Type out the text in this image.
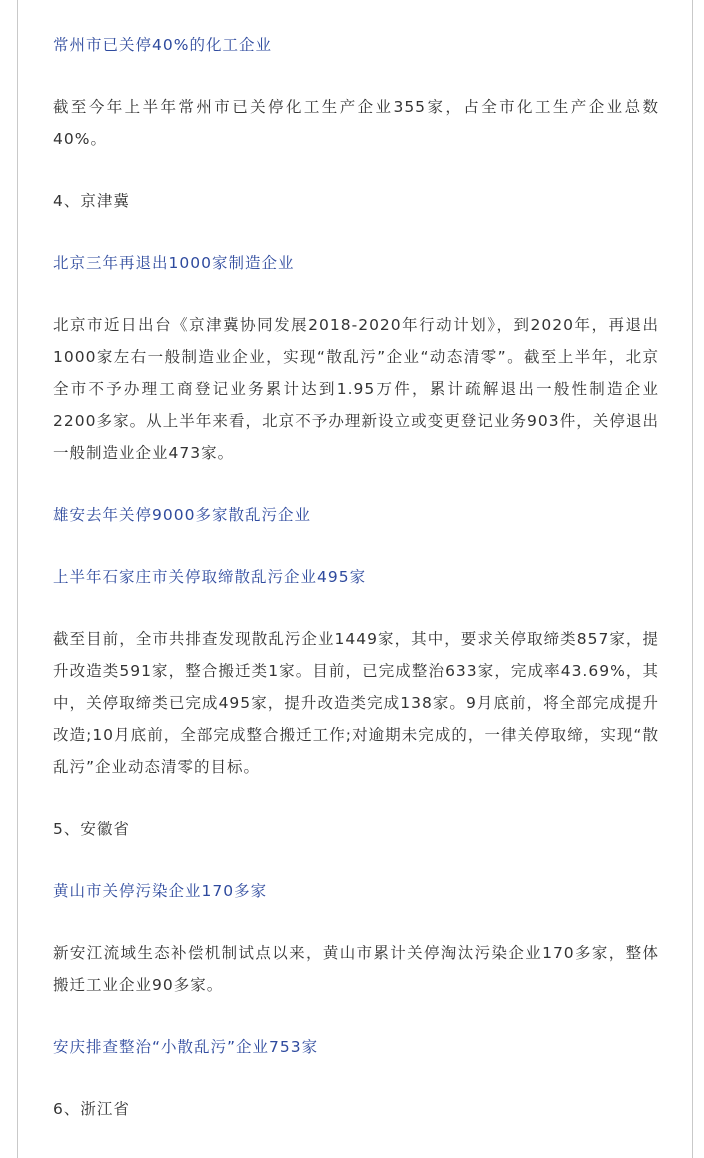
常州市已关停40%的化工企业

截至今年上半年常州市已关停化工生产企业355家，占全市化工生产企业总数40%。

4、京津冀

北京三年再退出1000家制造企业

北京市近日出台《京津冀协同发展2018-2020年行动计划》，到2020年，再退出1000家左右一般制造业企业，实现“散乱污”企业“动态清零”。截至上半年，北京全市不予办理工商登记业务累计达到1.95万件，累计疏解退出一般性制造企业2200多家。从上半年来看，北京不予办理新设立或变更登记业务903件，关停退出一般制造业企业473家。

雄安去年关停9000多家散乱污企业

上半年石家庄市关停取缔散乱污企业495家

截至目前，全市共排查发现散乱污企业1449家，其中，要求关停取缔类857家，提升改造类591家，整合搬迁类1家。目前，已完成整治633家，完成率43.69%，其中，关停取缔类已完成495家，提升改造类完成138家。9月底前，将全部完成提升改造;10月底前，全部完成整合搬迁工作;对逾期未完成的，一律关停取缔，实现“散乱污”企业动态清零的目标。

5、安徽省

黄山市关停污染企业170多家

新安江流域生态补偿机制试点以来，黄山市累计关停淘汰污染企业170多家，整体搬迁工业企业90多家。

安庆排查整治“小散乱污”企业753家

6、浙江省
